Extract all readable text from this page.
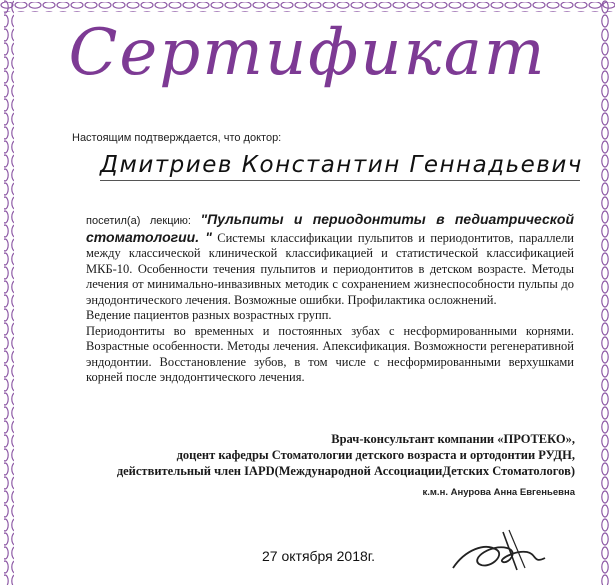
Сертификат
Настоящим подтверждается, что доктор:
Дмитриев Константин Геннадьевич

посетил(а) лекцию: "Пульпиты и периодонтиты в педиатрической стоматологии. " Системы классификации пульпитов и периодонтитов, параллели между классической клинической классификацией и статистической классификацией МКБ-10. Особенности течения пульпитов и периодонтитов в детском возрасте. Методы лечения от минимально-инвазивных методик с сохранением жизнеспособности пульпы до эндодонтического лечения. Возможные ошибки. Профилактика осложнений.

Ведение пациентов разных возрастных групп.

Периодонтиты во временных и постоянных зубах с несформированными корнями. Возрастные особенности. Методы лечения. Апексификация. Возможности регенеративной эндодонтии. Восстановление зубов, в том числе с несформированными верхушками корней после эндодонтического лечения.

Врач-консультант компании «ПРОТЕКО»,
доцент кафедры Стоматологии детского возраста и ортодонтии РУДН,
действительный член IAPD(Международной АссоциацииДетских Стоматологов)
к.м.н. Анурова Анна Евгеньевна
27 октября 2018г.
